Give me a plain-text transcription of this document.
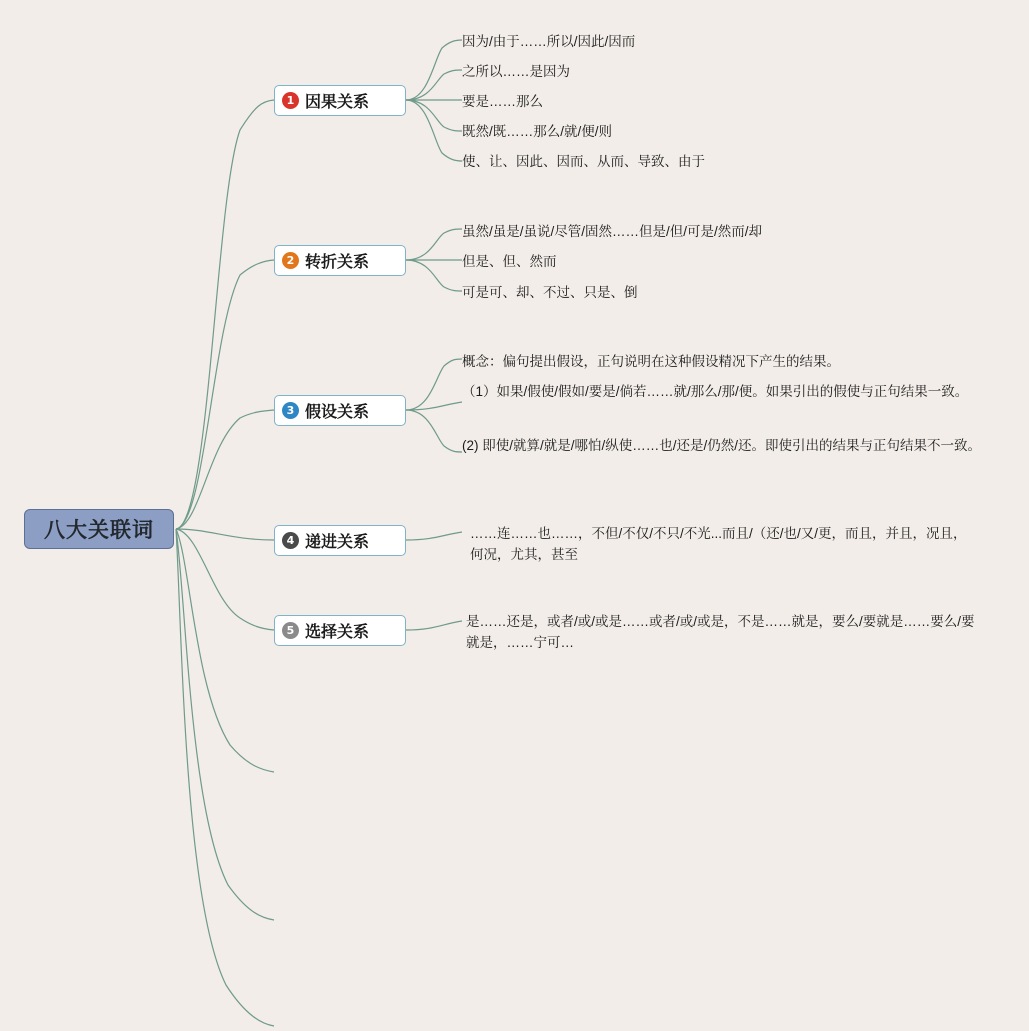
八大关联词
1 因果关系
因为/由于……所以/因此/因而
之所以……是因为
要是……那么
既然/既……那么/就/便/则
使、让、因此、因而、从而、导致、由于
2 转折关系
虽然/虽是/虽说/尽管/固然……但是/但/可是/然而/却
但是、但、然而
可是可、却、不过、只是、倒
3 假设关系
概念：偏句提出假设，正句说明在这种假设精况下产生的结果。
（1）如果/假使/假如/要是/倘若……就/那么/那/便。如果引出的假使与正句结果一致。
(2) 即使/就算/就是/哪怕/纵使……也/还是/仍然/还。即使引出的结果与正句结果不一致。
4 递进关系
……连……也……，不但/不仅/不只/不光...而且/（还/也/又/更，而且，并且，况且，何况，尤其，甚至
5 选择关系
是……还是，或者/或/或是……或者/或/或是，不是……就是，要么/要就是……要么/要就是，……宁可…
